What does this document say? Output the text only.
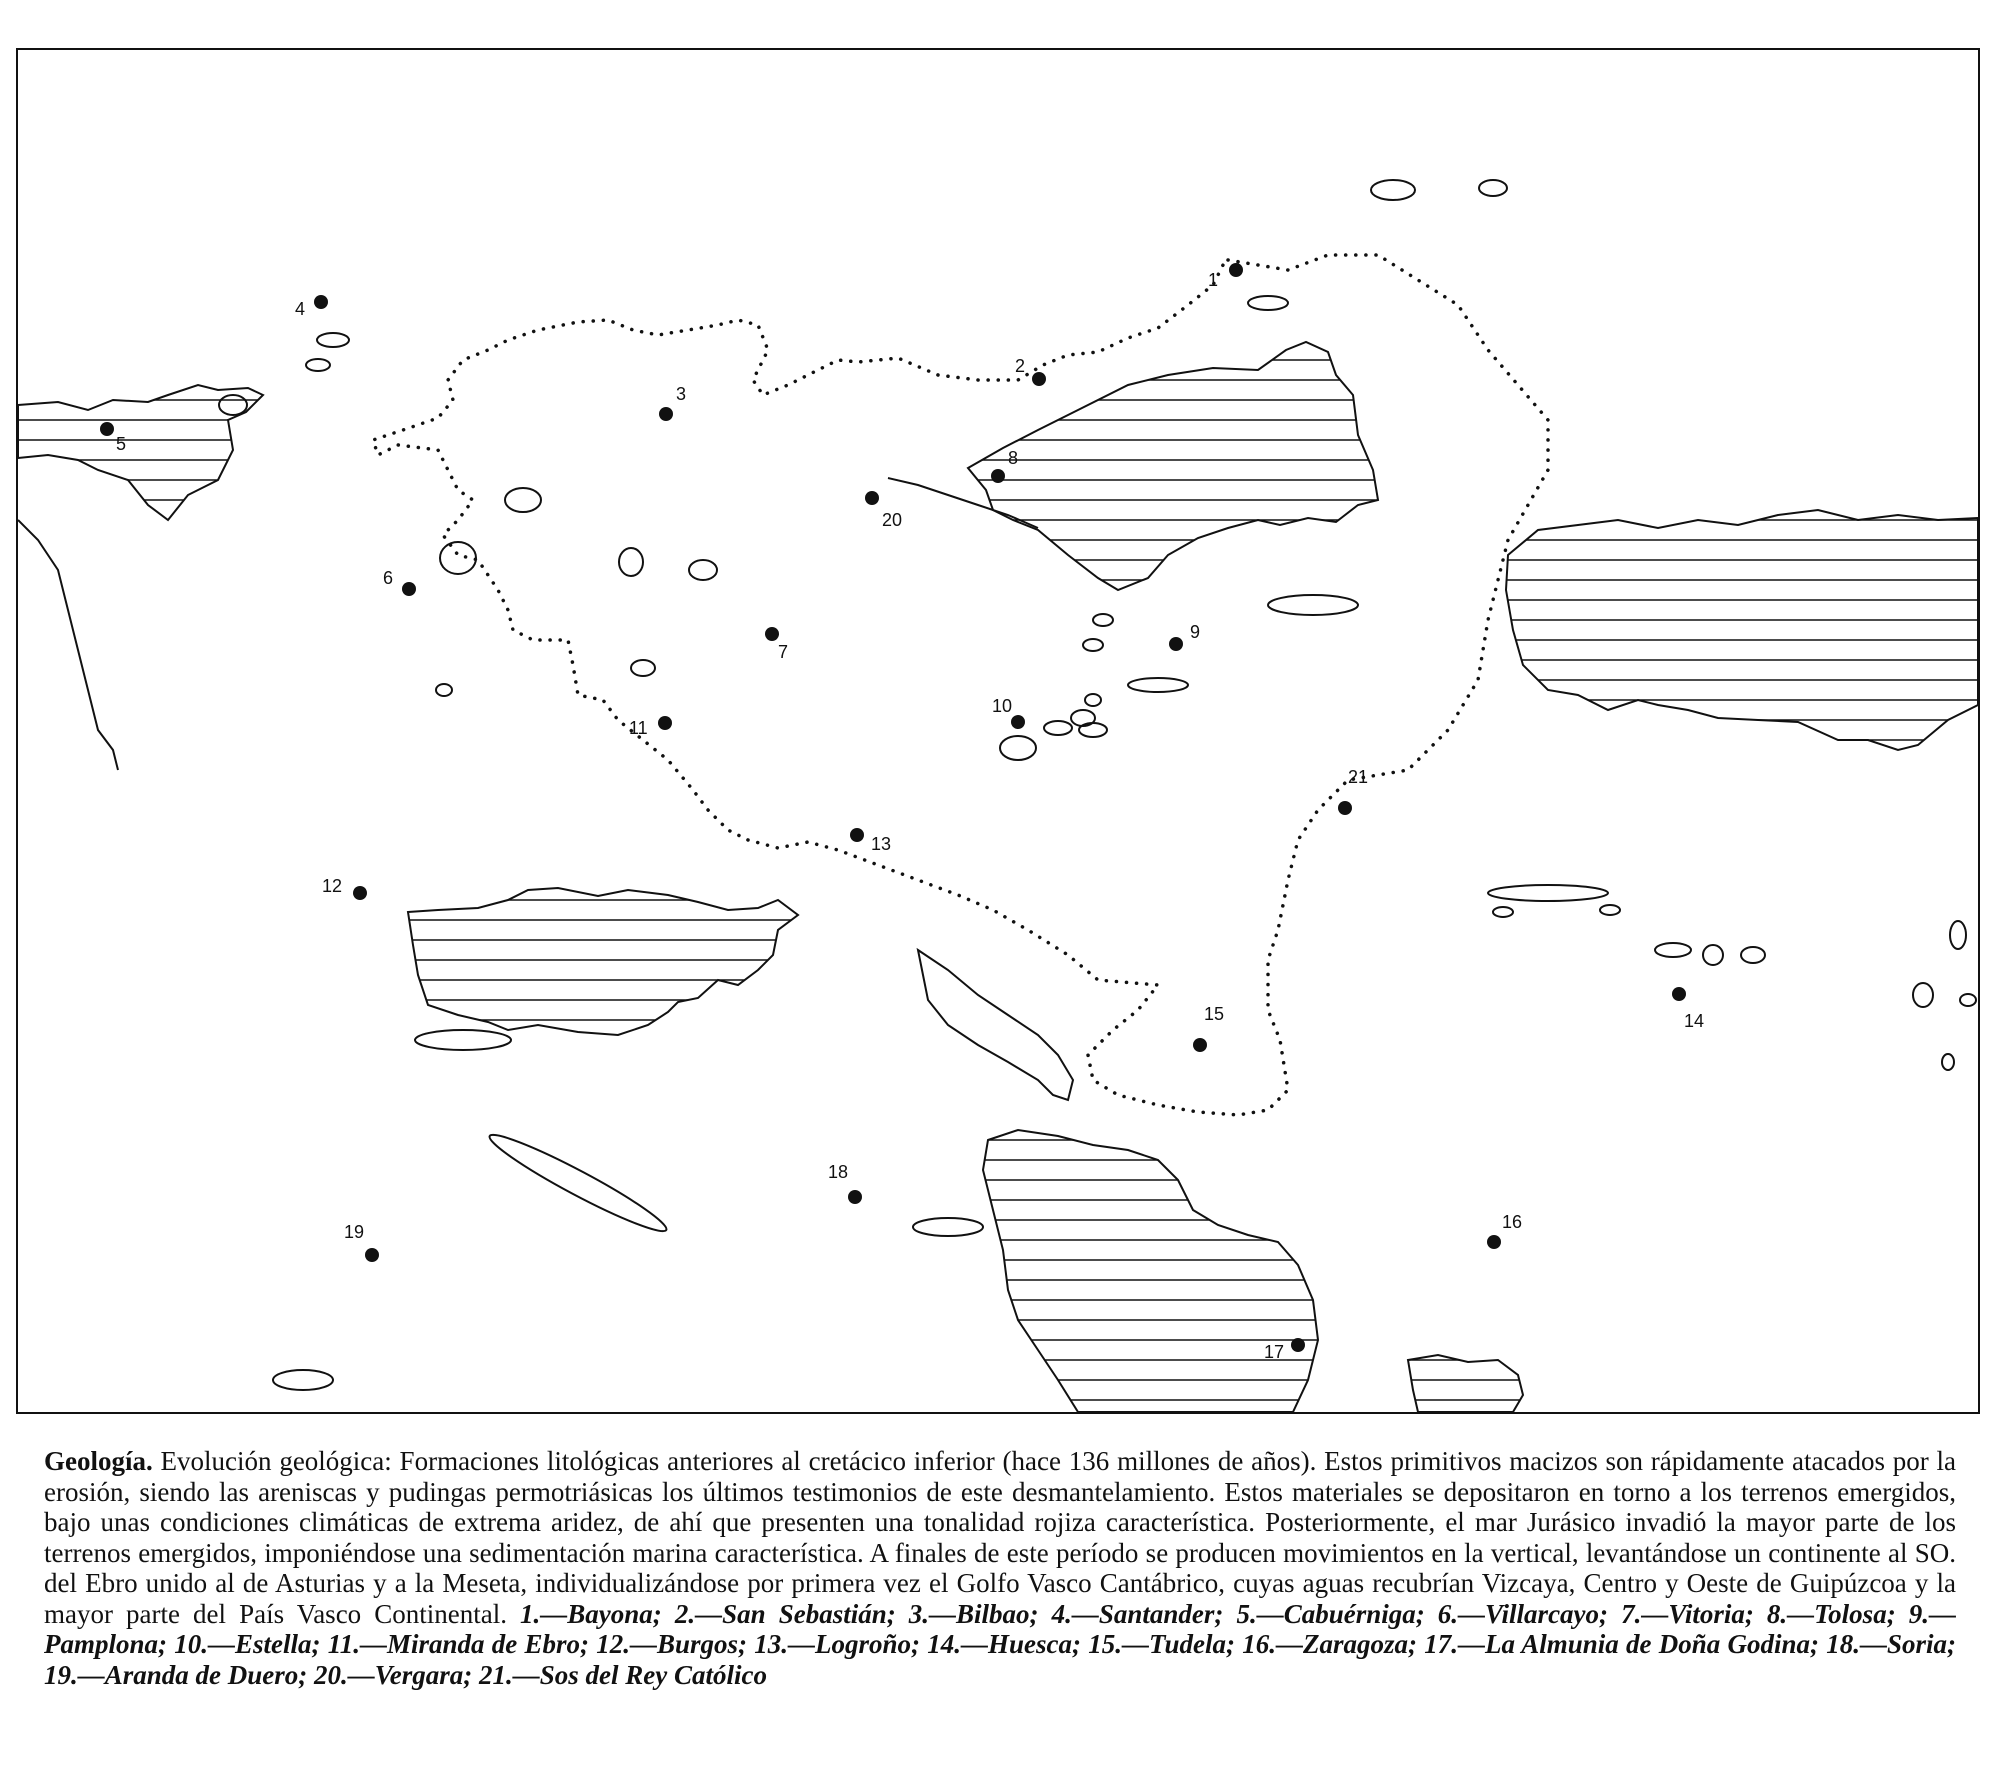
1
2
3
4
5
6
7
8
9
10
11
12
13
14
15
16
17
18
19
20
21
Geología. Evolución geológica: Formaciones litológicas anteriores al cretácico inferior (hace 136 millones de años). Estos primitivos macizos son rápidamente atacados por la erosión, siendo las areniscas y pudingas permotriásicas los últimos testimonios de este desmantelamiento. Estos materiales se depositaron en torno a los terrenos emergidos, bajo unas condiciones climáticas de extrema aridez, de ahí que presenten una tonalidad rojiza característica. Posteriormente, el mar Jurásico invadió la mayor parte de los terrenos emergidos, imponiéndose una sedimentación marina característica. A finales de este período se producen movimientos en la vertical, levantándose un continente al SO. del Ebro unido al de Asturias y a la Meseta, individualizándose por primera vez el Golfo Vasco Cantábrico, cuyas aguas recubrían Vizcaya, Centro y Oeste de Guipúzcoa y la mayor parte del País Vasco Continental. 1.—Bayona; 2.—San Sebastián; 3.—Bilbao; 4.—Santander; 5.—Cabuérniga; 6.—Villarcayo; 7.—Vitoria; 8.—Tolosa; 9.—Pamplona; 10.—Estella; 11.—Miranda de Ebro; 12.—Burgos; 13.—Logroño; 14.—Huesca; 15.—Tudela; 16.—Zaragoza; 17.—La Almunia de Doña Godina; 18.—Soria; 19.—Aranda de Duero; 20.—Vergara; 21.—Sos del Rey Católico
